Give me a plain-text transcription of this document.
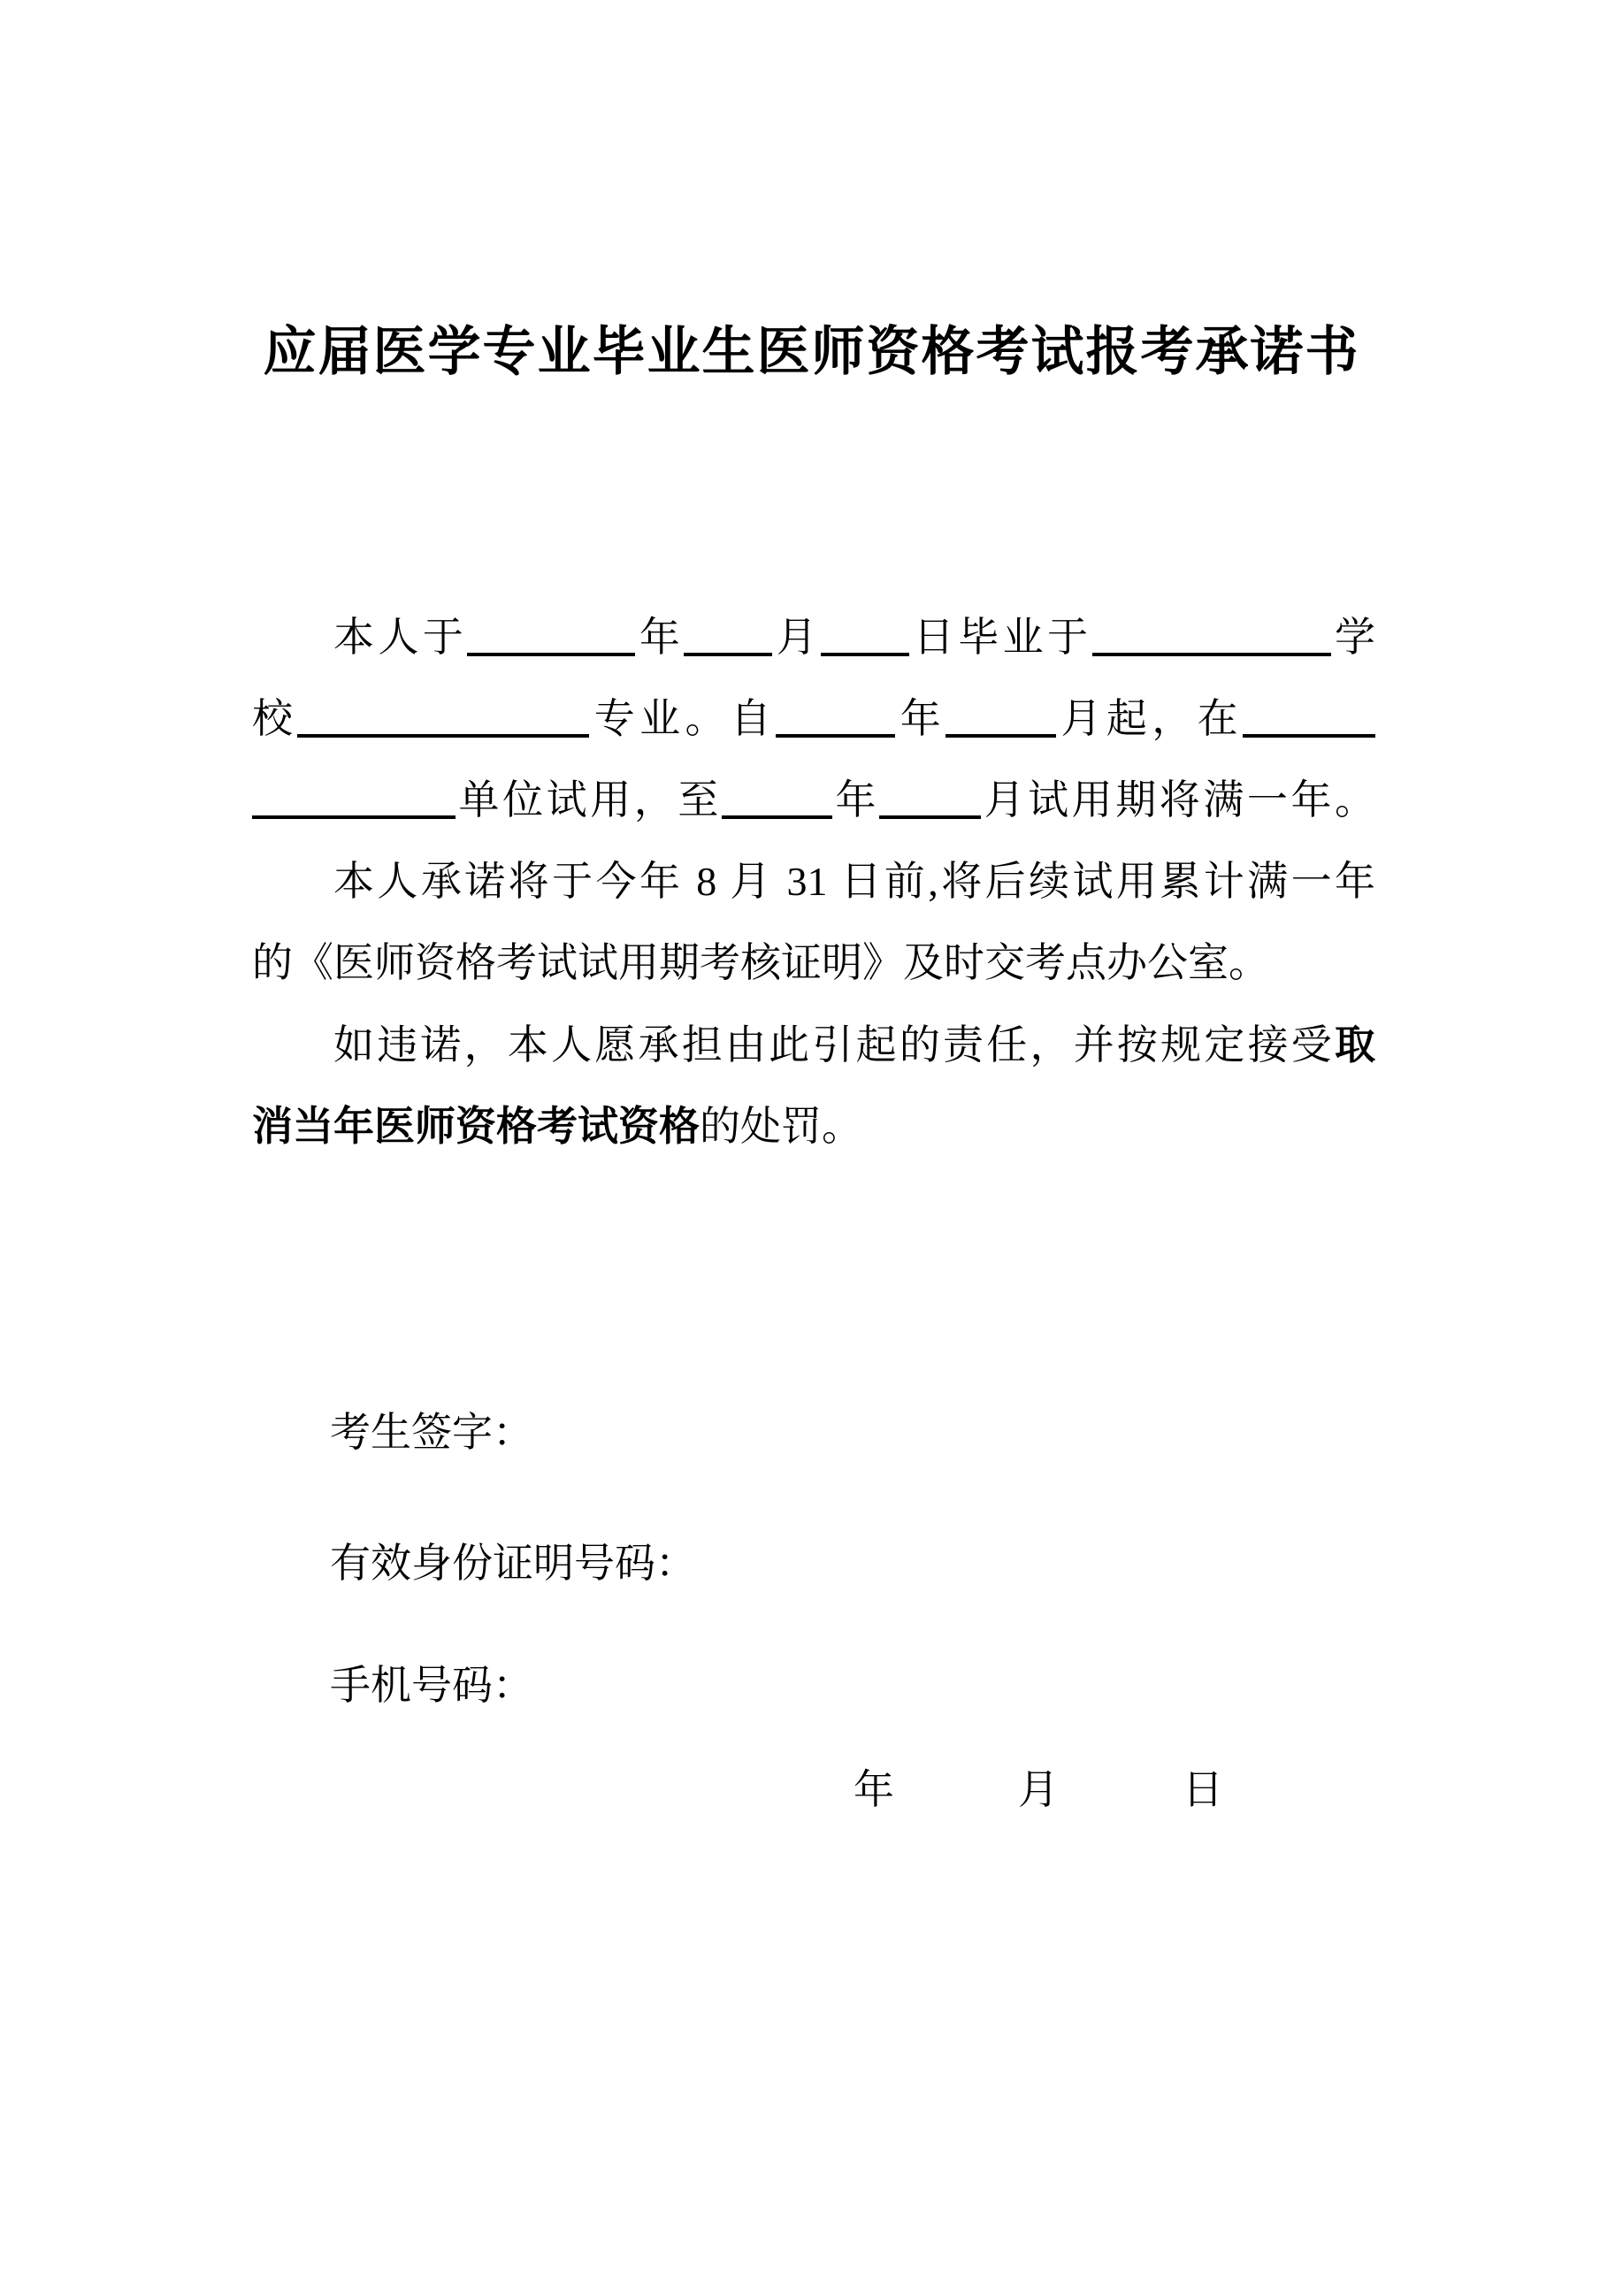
应届医学专业毕业生医师资格考试报考承诺书
本人于	年 月 日毕业于	学
校	专业。自	年	月起，在
单位试用，至	年	月试用期将满一年。
本人承诺将于今年 8 月 31 日前,将后续试用累计满一年
的《医师资格考试试用期考核证明》及时交考点办公室。
如违诺，本人愿承担由此引起的责任，并按规定接受取
消当年医师资格考试资格的处罚。
考生签字：
有效身份证明号码：
手机号码：
年	月	日
